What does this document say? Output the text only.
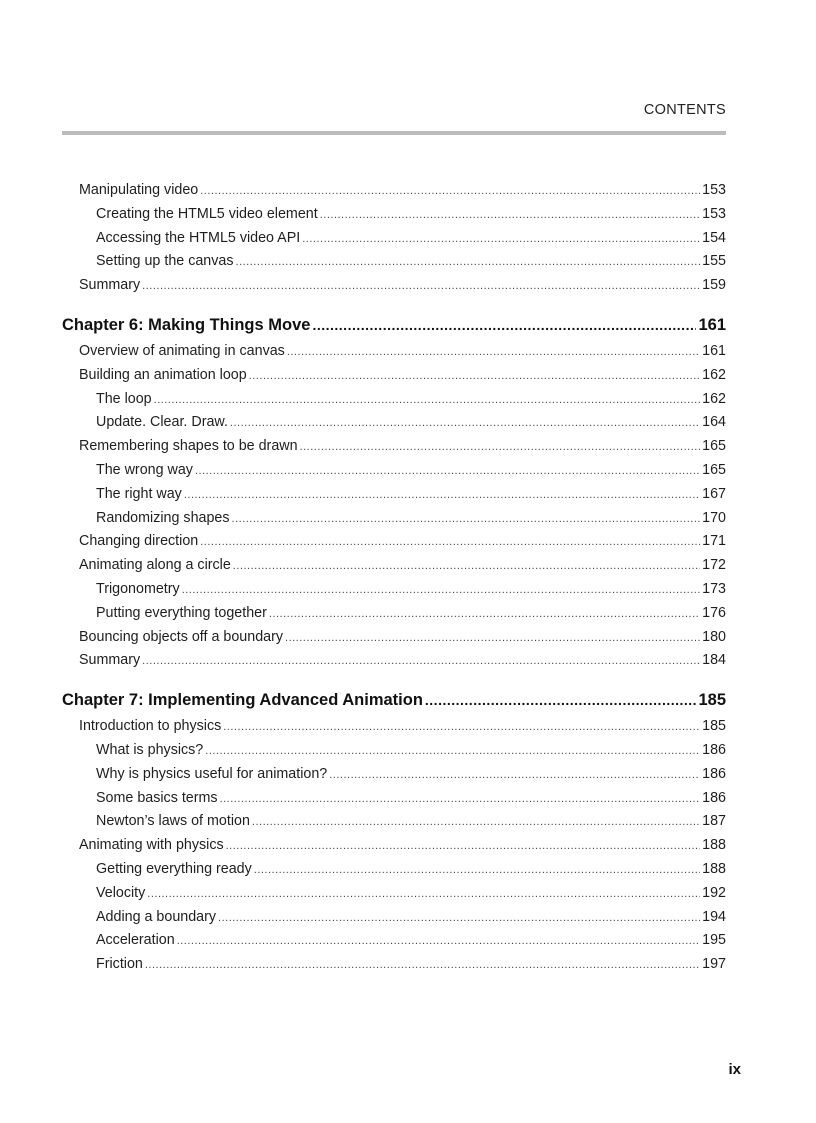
CONTENTS
Manipulating video .....	153
Creating the HTML5 video element .....	153
Accessing the HTML5 video API .....	154
Setting up the canvas .....	155
Summary .....	159
Chapter 6: Making Things Move .....	161
Overview of animating in canvas .....	161
Building an animation loop .....	162
The loop .....	162
Update. Clear. Draw. .....	164
Remembering shapes to be drawn .....	165
The wrong way .....	165
The right way .....	167
Randomizing shapes .....	170
Changing direction .....	171
Animating along a circle .....	172
Trigonometry .....	173
Putting everything together .....	176
Bouncing objects off a boundary .....	180
Summary .....	184
Chapter 7: Implementing Advanced Animation .....	185
Introduction to physics .....	185
What is physics? .....	186
Why is physics useful for animation? .....	186
Some basics terms .....	186
Newton’s laws of motion .....	187
Animating with physics .....	188
Getting everything ready .....	188
Velocity .....	192
Adding a boundary .....	194
Acceleration .....	195
Friction .....	197
ix
